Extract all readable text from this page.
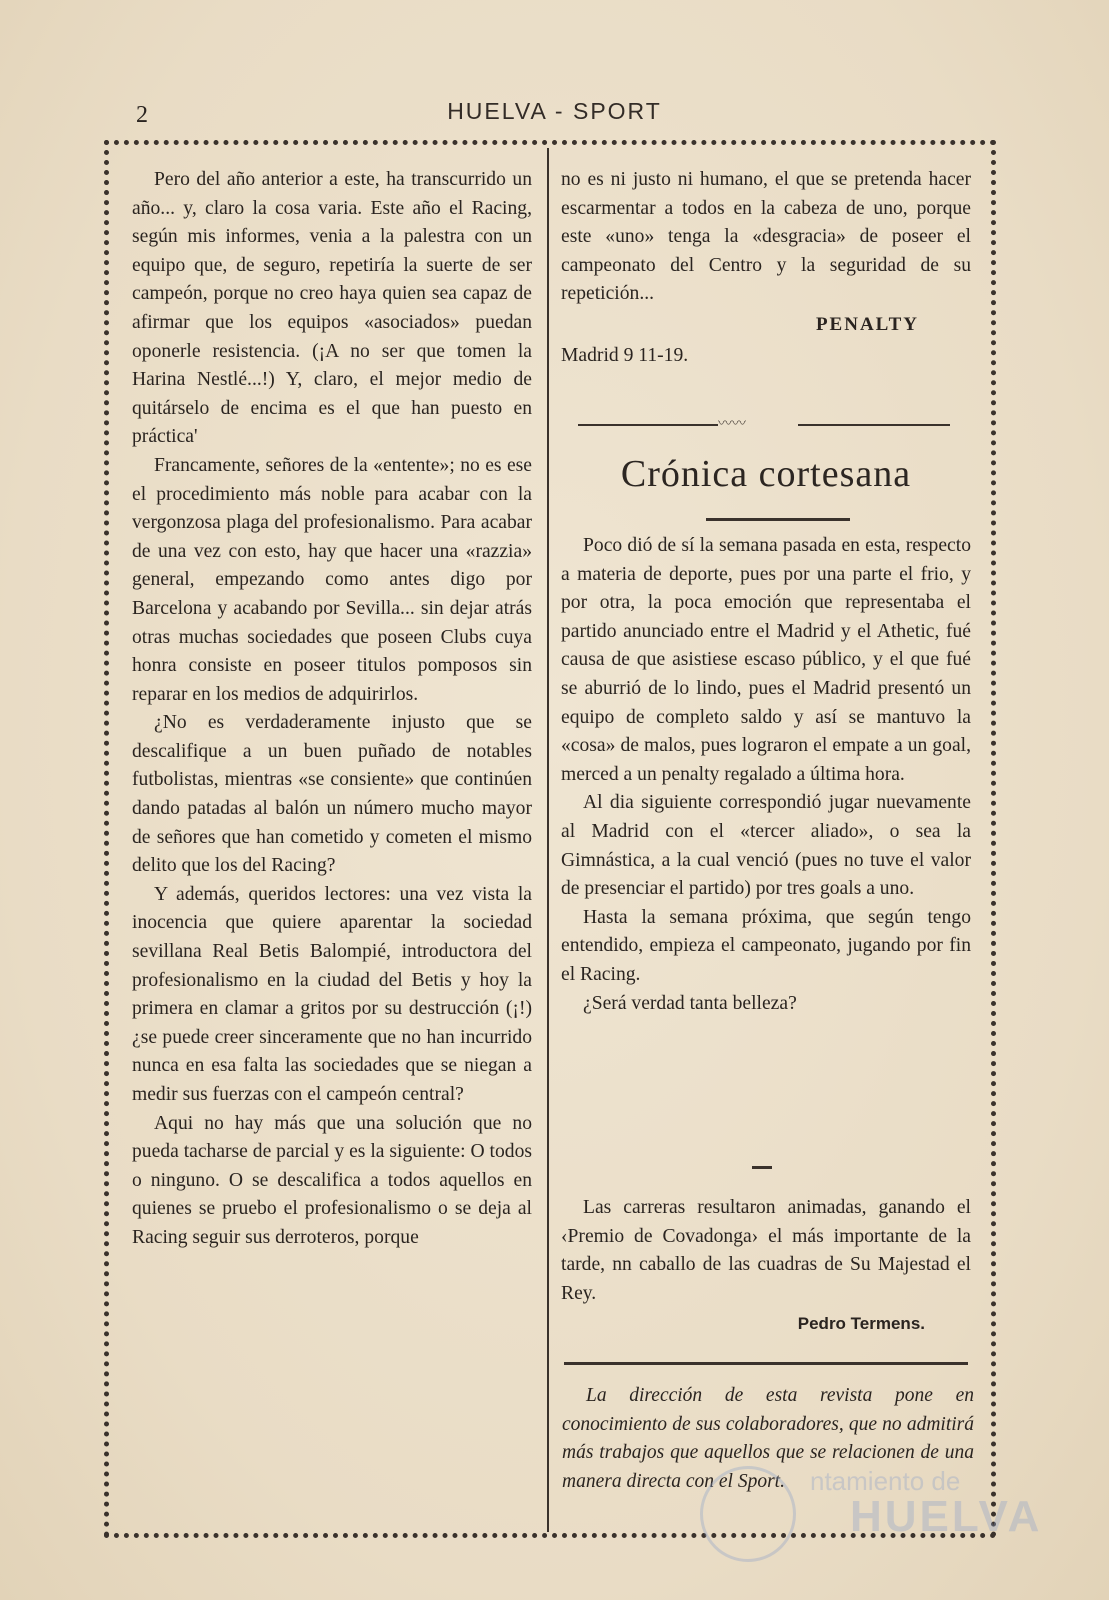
2	HUELVA - SPORT

Pero del año anterior a este, ha transcurrido un año... y, claro la cosa varia. Este año el Racing, según mis informes, venia a la palestra con un equipo que, de seguro, repetiría la suerte de ser campeón, porque no creo haya quien sea capaz de afirmar que los equipos «asociados» puedan oponerle resistencia. (¡A no ser que tomen la Harina Nestlé...!) Y, claro, el mejor medio de quitárselo de encima es el que han puesto en práctica'

Francamente, señores de la «entente»; no es ese el procedimiento más noble para acabar con la vergonzosa plaga del profesionalismo. Para acabar de una vez con esto, hay que hacer una «razzia» general, empezando como antes digo por Barcelona y acabando por Sevilla... sin dejar atrás otras muchas sociedades que poseen Clubs cuya honra consiste en poseer titulos pomposos sin reparar en los medios de adquirirlos.

¿No es verdaderamente injusto que se descalifique a un buen puñado de notables futbolistas, mientras «se consiente» que continúen dando patadas al balón un número mucho mayor de señores que han cometido y cometen el mismo delito que los del Racing?

Y además, queridos lectores: una vez vista la inocencia que quiere aparentar la sociedad sevillana Real Betis Balompié, introductora del profesionalismo en la ciudad del Betis y hoy la primera en clamar a gritos por su destrucción (¡!) ¿se puede creer sinceramente que no han incurrido nunca en esa falta las sociedades que se niegan a medir sus fuerzas con el campeón central?

Aqui no hay más que una solución que no pueda tacharse de parcial y es la siguiente: O todos o ninguno. O se descalifica a todos aquellos en quienes se pruebo el profesionalismo o se deja al Racing seguir sus derroteros, porque

no es ni justo ni humano, el que se pretenda hacer escarmentar a todos en la cabeza de uno, porque este «uno» tenga la «desgracia» de poseer el campeonato del Centro y la seguridad de su repetición...

PENALTY
Madrid 9 11-19.
〰〰
Crónica cortesana

Poco dió de sí la semana pasada en esta, respecto a materia de deporte, pues por una parte el frio, y por otra, la poca emoción que representaba el partido anunciado entre el Madrid y el Athetic, fué causa de que asistiese escaso público, y el que fué se aburrió de lo lindo, pues el Madrid presentó un equipo de completo saldo y así se mantuvo la «cosa» de malos, pues lograron el empate a un goal, merced a un penalty regalado a última hora.

Al dia siguiente correspondió jugar nuevamente al Madrid con el «tercer aliado», o sea la Gimnástica, a la cual venció (pues no tuve el valor de presenciar el partido) por tres goals a uno.

Hasta la semana próxima, que según tengo entendido, empieza el campeonato, jugando por fin el Racing.

¿Será verdad tanta belleza?

Las carreras resultaron animadas, ganando el ‹Premio de Covadonga› el más importante de la tarde, nn caballo de las cuadras de Su Majestad el Rey.

Pedro Termens.

La dirección de esta revista pone en conocimiento de sus colaboradores, que no admitirá más trabajos que aquellos que se relacionen de una manera directa con el Sport. ntamiento de
HUELVA
